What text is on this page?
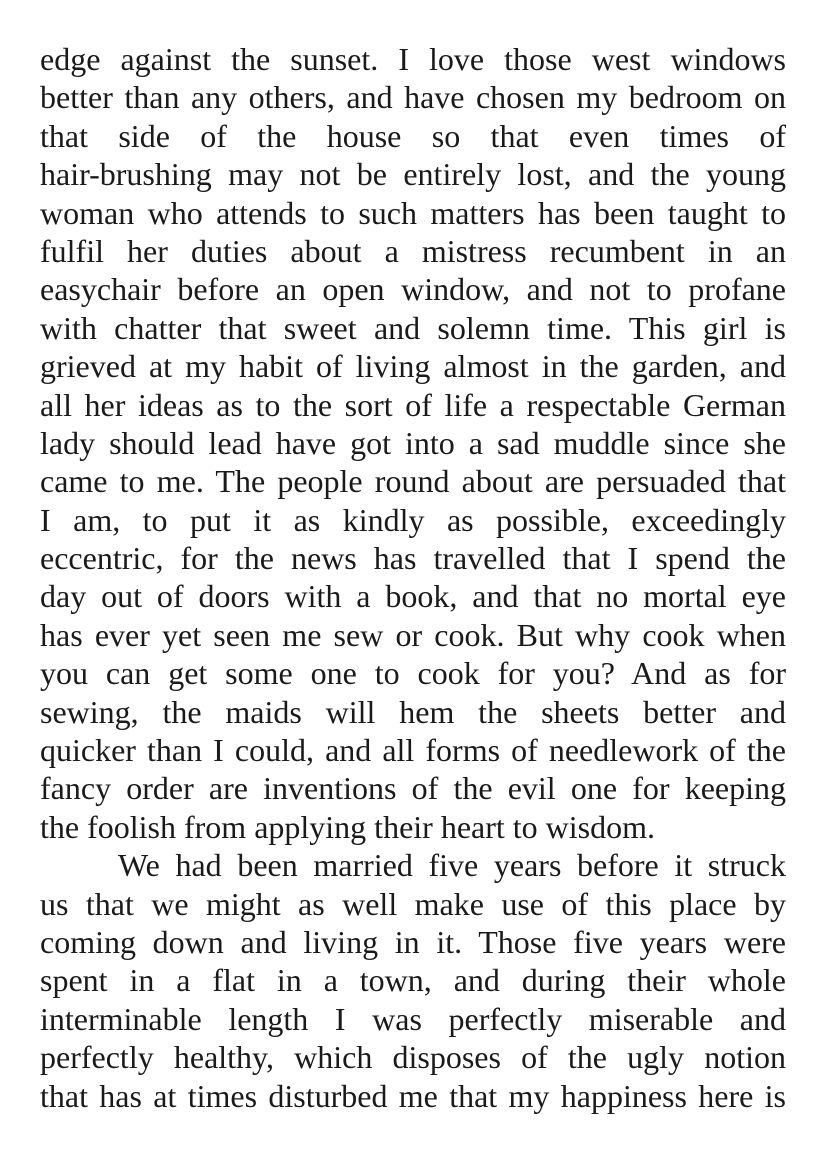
edge against the sunset. I love those west windows
better than any others, and have chosen my bedroom on
that side of the house so that even times of
hair-brushing may not be entirely lost, and the young
woman who attends to such matters has been taught to
fulfil her duties about a mistress recumbent in an
easychair before an open window, and not to profane
with chatter that sweet and solemn time. This girl is
grieved at my habit of living almost in the garden, and
all her ideas as to the sort of life a respectable German
lady should lead have got into a sad muddle since she
came to me. The people round about are persuaded that
I am, to put it as kindly as possible, exceedingly
eccentric, for the news has travelled that I spend the
day out of doors with a book, and that no mortal eye
has ever yet seen me sew or cook. But why cook when
you can get some one to cook for you? And as for
sewing, the maids will hem the sheets better and
quicker than I could, and all forms of needlework of the
fancy order are inventions of the evil one for keeping
the foolish from applying their heart to wisdom.
We had been married five years before it struck
us that we might as well make use of this place by
coming down and living in it. Those five years were
spent in a flat in a town, and during their whole
interminable length I was perfectly miserable and
perfectly healthy, which disposes of the ugly notion
that has at times disturbed me that my happiness here is
